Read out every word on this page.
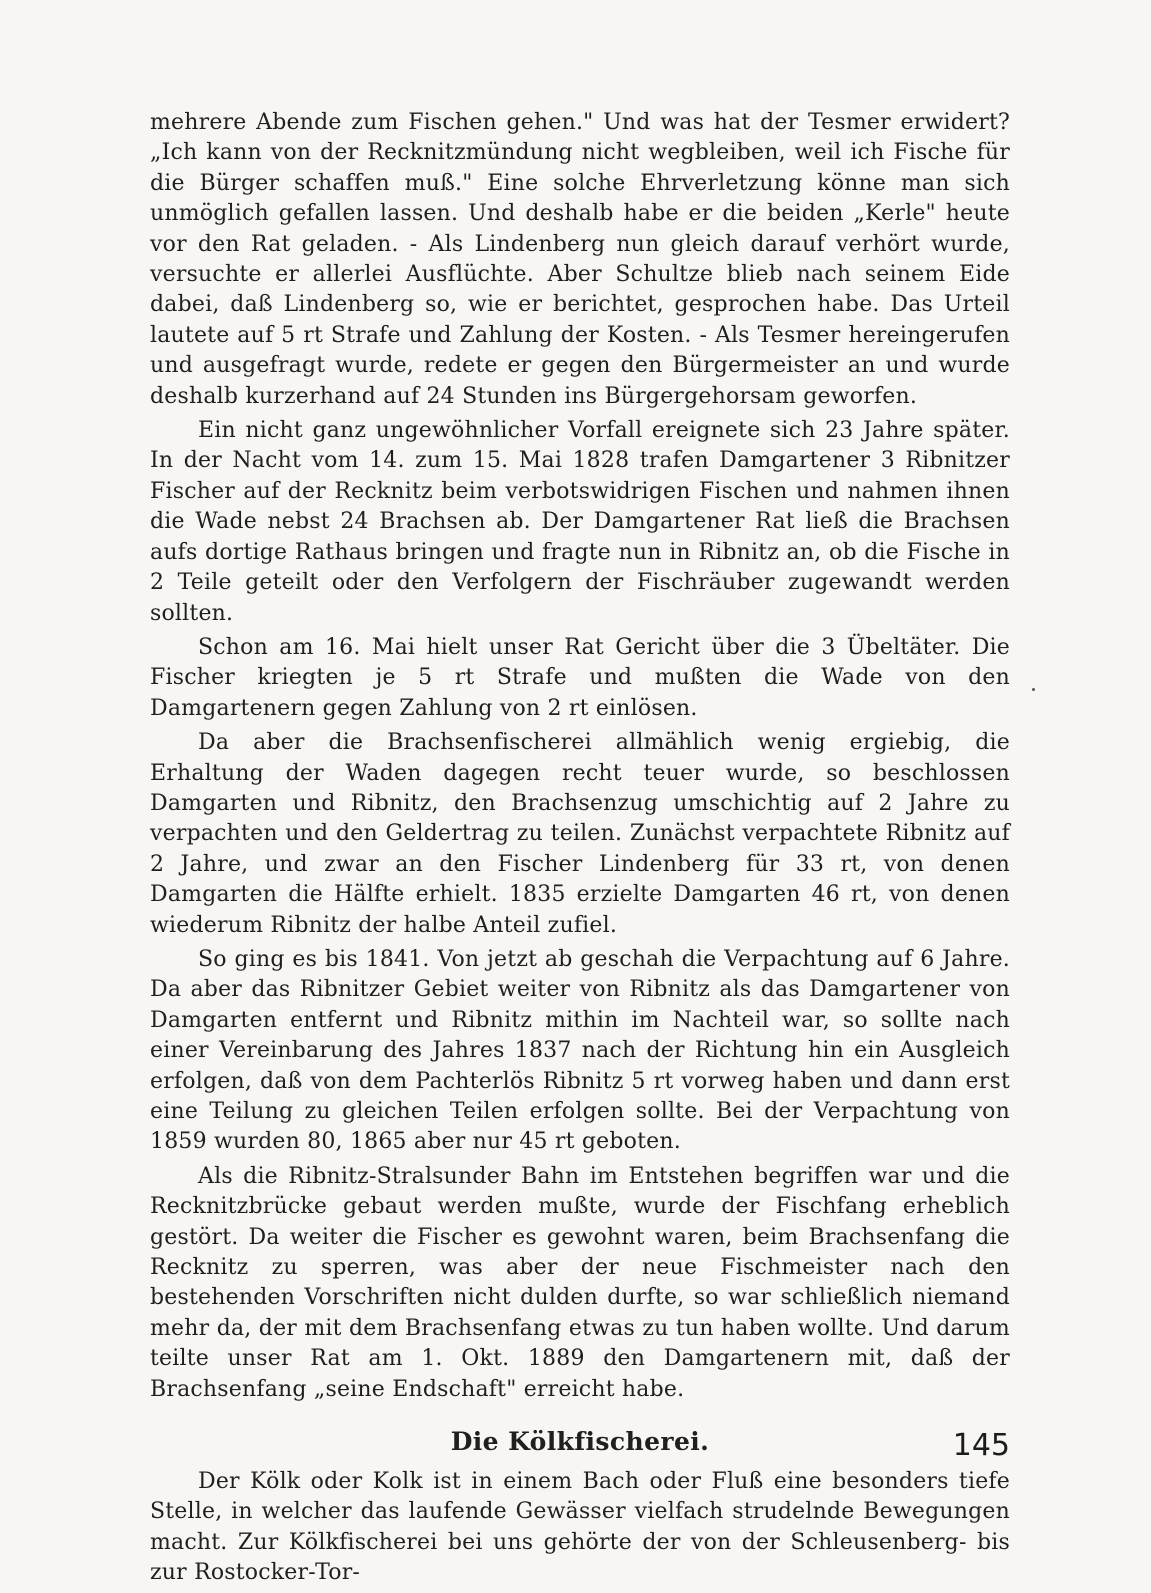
mehrere Abende zum Fischen gehen." Und was hat der Tesmer erwidert? „Ich kann von der Recknitzmündung nicht wegbleiben, weil ich Fische für die Bürger schaffen muß." Eine solche Ehrverletzung könne man sich unmöglich gefallen lassen. Und deshalb habe er die beiden „Kerle" heute vor den Rat geladen. - Als Lindenberg nun gleich darauf verhört wurde, versuchte er allerlei Ausflüchte. Aber Schultze blieb nach seinem Eide dabei, daß Lindenberg so, wie er berichtet, gesprochen habe. Das Urteil lautete auf 5 rt Strafe und Zahlung der Kosten. - Als Tesmer hereingerufen und ausgefragt wurde, redete er gegen den Bürgermeister an und wurde deshalb kurzerhand auf 24 Stunden ins Bürgergehorsam geworfen.

Ein nicht ganz ungewöhnlicher Vorfall ereignete sich 23 Jahre später. In der Nacht vom 14. zum 15. Mai 1828 trafen Damgartener 3 Ribnitzer Fischer auf der Recknitz beim verbotswidrigen Fischen und nahmen ihnen die Wade nebst 24 Brachsen ab. Der Damgartener Rat ließ die Brachsen aufs dortige Rathaus bringen und fragte nun in Ribnitz an, ob die Fische in 2 Teile geteilt oder den Verfolgern der Fischräuber zugewandt werden sollten.

Schon am 16. Mai hielt unser Rat Gericht über die 3 Übeltäter. Die Fischer kriegten je 5 rt Strafe und mußten die Wade von den Damgartenern gegen Zahlung von 2 rt einlösen.

Da aber die Brachsenfischerei allmählich wenig ergiebig, die Erhaltung der Waden dagegen recht teuer wurde, so beschlossen Damgarten und Ribnitz, den Brachsenzug umschichtig auf 2 Jahre zu verpachten und den Geldertrag zu teilen. Zunächst verpachtete Ribnitz auf 2 Jahre, und zwar an den Fischer Lindenberg für 33 rt, von denen Damgarten die Hälfte erhielt. 1835 erzielte Damgarten 46 rt, von denen wiederum Ribnitz der halbe Anteil zufiel.

So ging es bis 1841. Von jetzt ab geschah die Verpachtung auf 6 Jahre. Da aber das Ribnitzer Gebiet weiter von Ribnitz als das Damgartener von Damgarten entfernt und Ribnitz mithin im Nachteil war, so sollte nach einer Vereinbarung des Jahres 1837 nach der Richtung hin ein Ausgleich erfolgen, daß von dem Pachterlös Ribnitz 5 rt vorweg haben und dann erst eine Teilung zu gleichen Teilen erfolgen sollte. Bei der Verpachtung von 1859 wurden 80, 1865 aber nur 45 rt geboten.

Als die Ribnitz-Stralsunder Bahn im Entstehen begriffen war und die Recknitzbrücke gebaut werden mußte, wurde der Fischfang erheblich gestört. Da weiter die Fischer es gewohnt waren, beim Brachsenfang die Recknitz zu sperren, was aber der neue Fischmeister nach den bestehenden Vorschriften nicht dulden durfte, so war schließlich niemand mehr da, der mit dem Brachsenfang etwas zu tun haben wollte. Und darum teilte unser Rat am 1. Okt. 1889 den Damgartenern mit, daß der Brachsenfang „seine Endschaft" erreicht habe.

Die Kölkfischerei.

Der Kölk oder Kolk ist in einem Bach oder Fluß eine besonders tiefe Stelle, in welcher das laufende Gewässer vielfach strudelnde Bewegungen macht. Zur Kölkfischerei bei uns gehörte der von der Schleusenberg- bis zur Rostocker-Tor-

145
